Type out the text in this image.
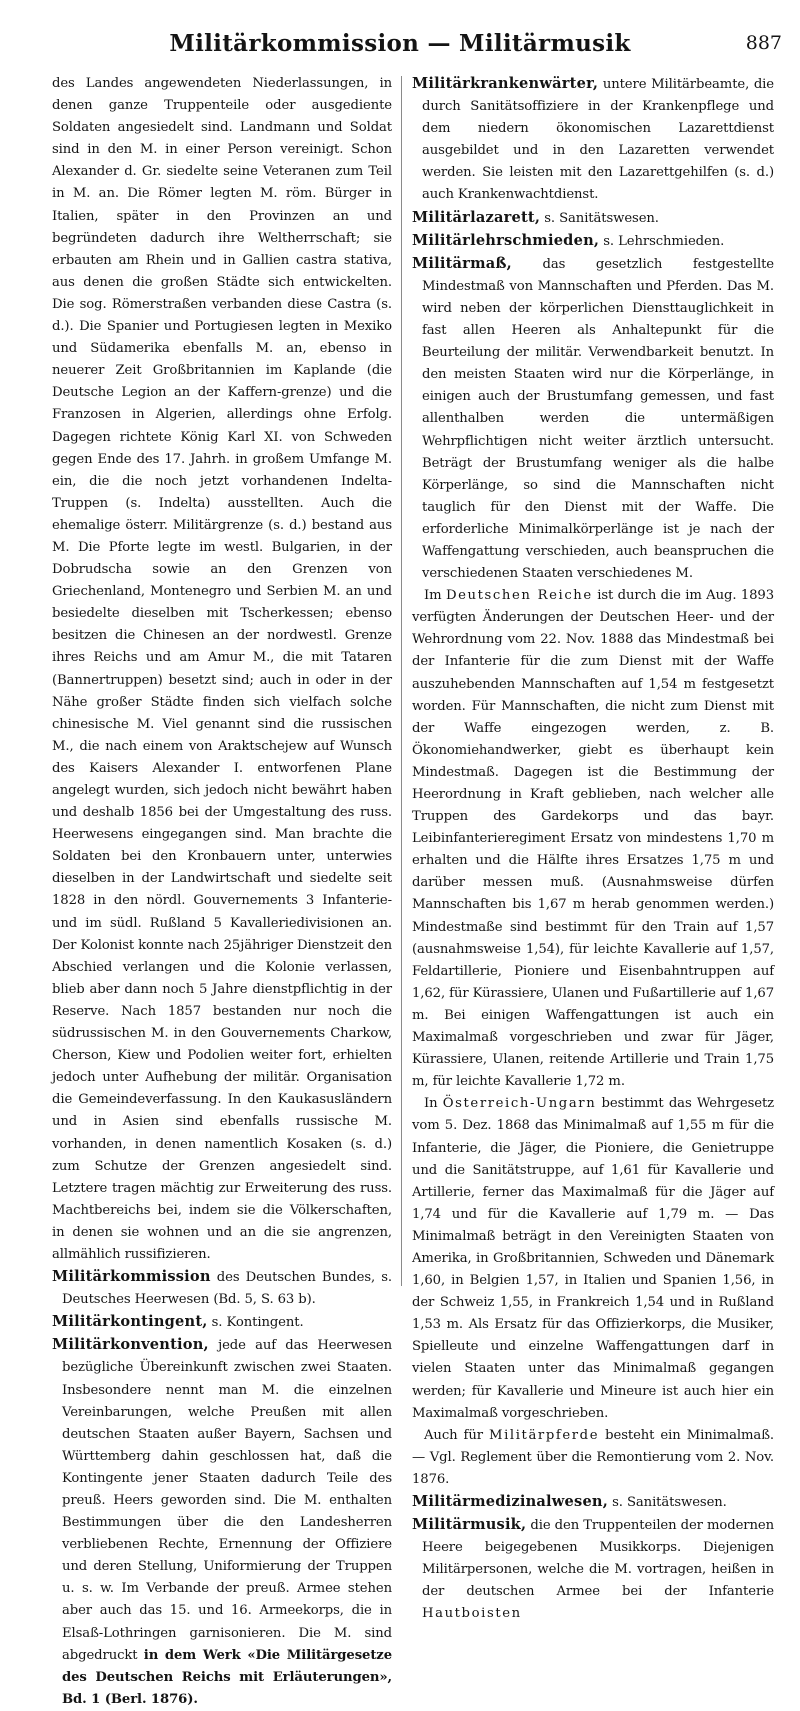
Militärkommission — Militärmusik	887

des Landes angewendeten Niederlassungen, in denen ganze Truppenteile oder ausgediente Soldaten angesiedelt sind. Landmann und Soldat sind in den M. in einer Person vereinigt. Schon Alexander d. Gr. siedelte seine Veteranen zum Teil in M. an. Die Römer legten M. röm. Bürger in Italien, später in den Provinzen an und begründeten dadurch ihre Weltherrschaft; sie erbauten am Rhein und in Gallien castra stativa, aus denen die großen Städte sich entwickelten. Die sog. Römerstraßen verbanden diese Castra (s. d.). Die Spanier und Portugiesen legten in Mexiko und Südamerika ebenfalls M. an, ebenso in neuerer Zeit Großbritannien im Kaplande (die Deutsche Legion an der Kaffern-grenze) und die Franzosen in Algerien, allerdings ohne Erfolg. Dagegen richtete König Karl XI. von Schweden gegen Ende des 17. Jahrh. in großem Umfange M. ein, die die noch jetzt vorhandenen Indelta-Truppen (s. Indelta) ausstellten. Auch die ehemalige österr. Militärgrenze (s. d.) bestand aus M. Die Pforte legte im westl. Bulgarien, in der Dobrudscha sowie an den Grenzen von Griechenland, Montenegro und Serbien M. an und besiedelte dieselben mit Tscherkessen; ebenso besitzen die Chinesen an der nordwestl. Grenze ihres Reichs und am Amur M., die mit Tataren (Bannertruppen) besetzt sind; auch in oder in der Nähe großer Städte finden sich vielfach solche chinesische M. Viel genannt sind die russischen M., die nach einem von Araktschejew auf Wunsch des Kaisers Alexander I. entworfenen Plane angelegt wurden, sich jedoch nicht bewährt haben und deshalb 1856 bei der Umgestaltung des russ. Heerwesens eingegangen sind. Man brachte die Soldaten bei den Kronbauern unter, unterwies dieselben in der Landwirtschaft und siedelte seit 1828 in den nördl. Gouvernements 3 Infanterie- und im südl. Rußland 5 Kavalleriedivisionen an. Der Kolonist konnte nach 25jähriger Dienstzeit den Abschied verlangen und die Kolonie verlassen, blieb aber dann noch 5 Jahre dienstpflichtig in der Reserve. Nach 1857 bestanden nur noch die südrussischen M. in den Gouvernements Charkow, Cherson, Kiew und Podolien weiter fort, erhielten jedoch unter Aufhebung der militär. Organisation die Gemeindeverfassung. In den Kaukasusländern und in Asien sind ebenfalls russische M. vorhanden, in denen namentlich Kosaken (s. d.) zum Schutze der Grenzen angesiedelt sind. Letztere tragen mächtig zur Erweiterung des russ. Machtbereichs bei, indem sie die Völkerschaften, in denen sie wohnen und an die sie angrenzen, allmählich russifizieren.

Militärkommission des Deutschen Bundes, s. Deutsches Heerwesen (Bd. 5, S. 63 b).

Militärkontingent, s. Kontingent.

Militärkonvention, jede auf das Heerwesen bezügliche Übereinkunft zwischen zwei Staaten. Insbesondere nennt man M. die einzelnen Vereinbarungen, welche Preußen mit allen deutschen Staaten außer Bayern, Sachsen und Württemberg dahin geschlossen hat, daß die Kontingente jener Staaten dadurch Teile des preuß. Heers geworden sind. Die M. enthalten Bestimmungen über die den Landesherren verbliebenen Rechte, Ernennung der Offiziere und deren Stellung, Uniformierung der Truppen u. s. w. Im Verbande der preuß. Armee stehen aber auch das 15. und 16. Armeekorps, die in Elsaß-Lothringen garnisonieren. Die M. sind abgedruckt in dem Werk «Die Militärgesetze des Deutschen Reichs mit Erläuterungen», Bd. 1 (Berl. 1876).

Militärkrankenwärter, untere Militärbeamte, die durch Sanitätsoffiziere in der Krankenpflege und dem niedern ökonomischen Lazarettdienst ausgebildet und in den Lazaretten verwendet werden. Sie leisten mit den Lazarettgehilfen (s. d.) auch Krankenwachtdienst.

Militärlazarett, s. Sanitätswesen.

Militärlehrschmieden, s. Lehrschmieden.

Militärmaß, das gesetzlich festgestellte Mindestmaß von Mannschaften und Pferden. Das M. wird neben der körperlichen Diensttauglichkeit in fast allen Heeren als Anhaltepunkt für die Beurteilung der militär. Verwendbarkeit benutzt. In den meisten Staaten wird nur die Körperlänge, in einigen auch der Brustumfang gemessen, und fast allenthalben werden die untermäßigen Wehrpflichtigen nicht weiter ärztlich untersucht. Beträgt der Brustumfang weniger als die halbe Körperlänge, so sind die Mannschaften nicht tauglich für den Dienst mit der Waffe. Die erforderliche Minimalkörperlänge ist je nach der Waffengattung verschieden, auch beanspruchen die verschiedenen Staaten verschiedenes M.

Im Deutschen Reiche ist durch die im Aug. 1893 verfügten Änderungen der Deutschen Heer- und der Wehrordnung vom 22. Nov. 1888 das Mindestmaß bei der Infanterie für die zum Dienst mit der Waffe auszuhebenden Mannschaften auf 1,54 m festgesetzt worden. Für Mannschaften, die nicht zum Dienst mit der Waffe eingezogen werden, z. B. Ökonomiehandwerker, giebt es überhaupt kein Mindestmaß. Dagegen ist die Bestimmung der Heerordnung in Kraft geblieben, nach welcher alle Truppen des Gardekorps und das bayr. Leibinfanterieregiment Ersatz von mindestens 1,70 m erhalten und die Hälfte ihres Ersatzes 1,75 m und darüber messen muß. (Ausnahmsweise dürfen Mannschaften bis 1,67 m herab genommen werden.) Mindestmaße sind bestimmt für den Train auf 1,57 (ausnahmsweise 1,54), für leichte Kavallerie auf 1,57, Feldartillerie, Pioniere und Eisenbahntruppen auf 1,62, für Kürassiere, Ulanen und Fußartillerie auf 1,67 m. Bei einigen Waffengattungen ist auch ein Maximalmaß vorgeschrieben und zwar für Jäger, Kürassiere, Ulanen, reitende Artillerie und Train 1,75 m, für leichte Kavallerie 1,72 m.

In Österreich-Ungarn bestimmt das Wehrgesetz vom 5. Dez. 1868 das Minimalmaß auf 1,55 m für die Infanterie, die Jäger, die Pioniere, die Genietruppe und die Sanitätstruppe, auf 1,61 für Kavallerie und Artillerie, ferner das Maximalmaß für die Jäger auf 1,74 und für die Kavallerie auf 1,79 m. — Das Minimalmaß beträgt in den Vereinigten Staaten von Amerika, in Großbritannien, Schweden und Dänemark 1,60, in Belgien 1,57, in Italien und Spanien 1,56, in der Schweiz 1,55, in Frankreich 1,54 und in Rußland 1,53 m. Als Ersatz für das Offizierkorps, die Musiker, Spielleute und einzelne Waffengattungen darf in vielen Staaten unter das Minimalmaß gegangen werden; für Kavallerie und Mineure ist auch hier ein Maximalmaß vorgeschrieben.

Auch für Militärpferde besteht ein Minimalmaß. — Vgl. Reglement über die Remontierung vom 2. Nov. 1876.

Militärmedizinalwesen, s. Sanitätswesen.

Militärmusik, die den Truppenteilen der modernen Heere beigegebenen Musikkorps. Diejenigen Militärpersonen, welche die M. vortragen, heißen in der deutschen Armee bei der Infanterie Hautboisten
